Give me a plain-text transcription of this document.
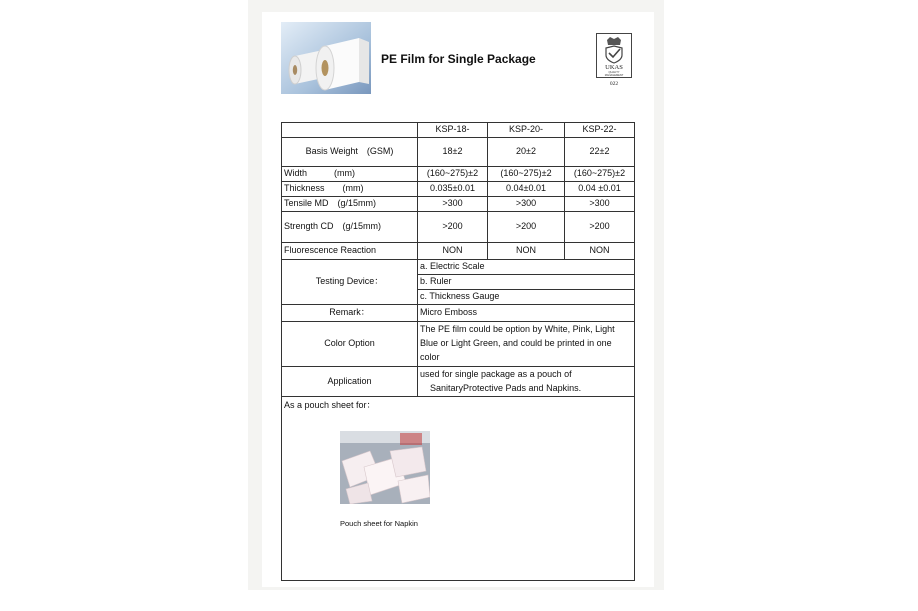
PE Film for Single Package
UKAS
QUALITY
MANAGEMENT
022
	KSP-18-	KSP-20-	KSP-22-
Basis Weight　(GSM)	18±2	20±2	22±2
Width　　　(mm)	(160~275)±2	(160~275)±2	(160~275)±2
Thickness　　(mm)	0.035±0.01	0.04±0.01	0.04 ±0.01
Tensile MD　(g/15mm)	>300	>300	>300
Strength CD　(g/15mm)	>200	>200	>200
Fluorescence Reaction	NON	NON	NON
Testing Device：	a. Electric Scale		
	b. Ruler		
	c. Thickness Gauge		
Remark：	Micro Emboss		
Color Option	The PE film could be option by White, Pink, Light Blue or Light Green, and could be printed in one color		
Application	used for single package as a pouch of
SanitaryProtective Pads and Napkins.		

As a pouch sheet for：
Pouch sheet for Napkin			
